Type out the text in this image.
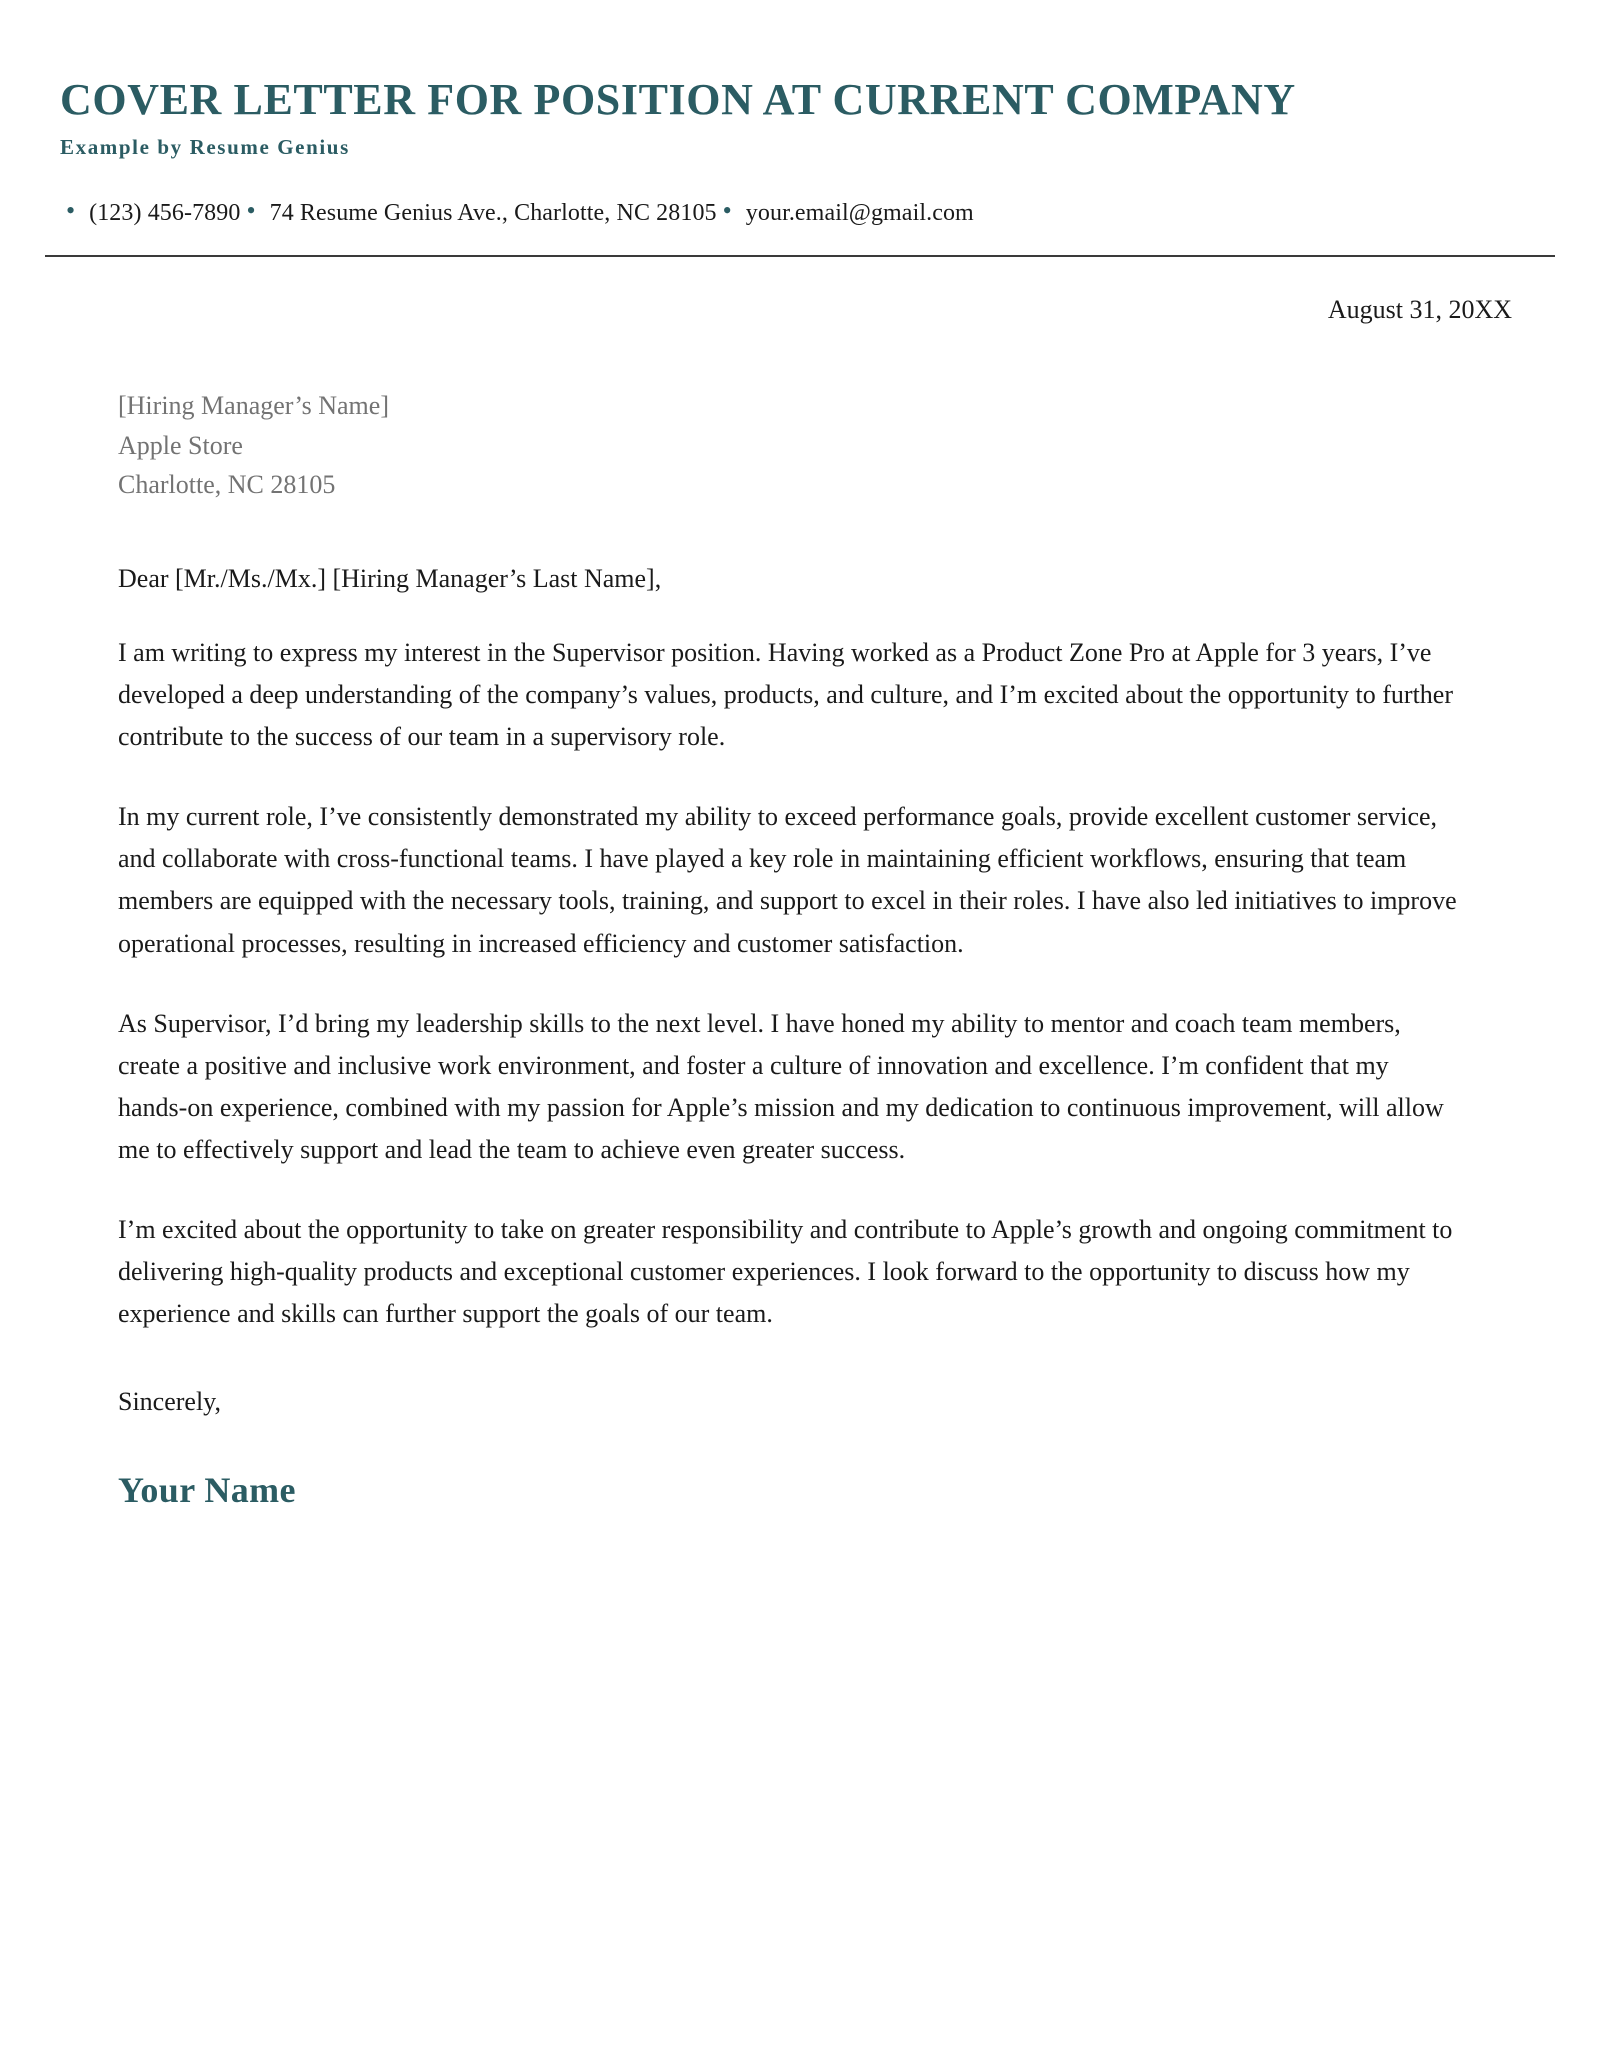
COVER LETTER FOR POSITION AT CURRENT COMPANY
Example by Resume Genius
• (123) 456-7890 • 74 Resume Genius Ave., Charlotte, NC 28105 • your.email@gmail.com
August 31, 20XX
[Hiring Manager’s Name]
Apple Store
Charlotte, NC 28105
Dear [Mr./Ms./Mx.] [Hiring Manager’s Last Name],

I am writing to express my interest in the Supervisor position. Having worked as a Product Zone Pro at Apple for 3 years, I’ve developed a deep understanding of the company’s values, products, and culture, and I’m excited about the opportunity to further contribute to the success of our team in a supervisory role.

In my current role, I’ve consistently demonstrated my ability to exceed performance goals, provide excellent customer service, and collaborate with cross-functional teams. I have played a key role in maintaining efficient workflows, ensuring that team members are equipped with the necessary tools, training, and support to excel in their roles. I have also led initiatives to improve operational processes, resulting in increased efficiency and customer satisfaction.

As Supervisor, I’d bring my leadership skills to the next level. I have honed my ability to mentor and coach team members, create a positive and inclusive work environment, and foster a culture of innovation and excellence. I’m confident that my hands-on experience, combined with my passion for Apple’s mission and my dedication to continuous improvement, will allow me to effectively support and lead the team to achieve even greater success.

I’m excited about the opportunity to take on greater responsibility and contribute to Apple’s growth and ongoing commitment to delivering high-quality products and exceptional customer experiences. I look forward to the opportunity to discuss how my experience and skills can further support the goals of our team.

Sincerely,
Your Name
